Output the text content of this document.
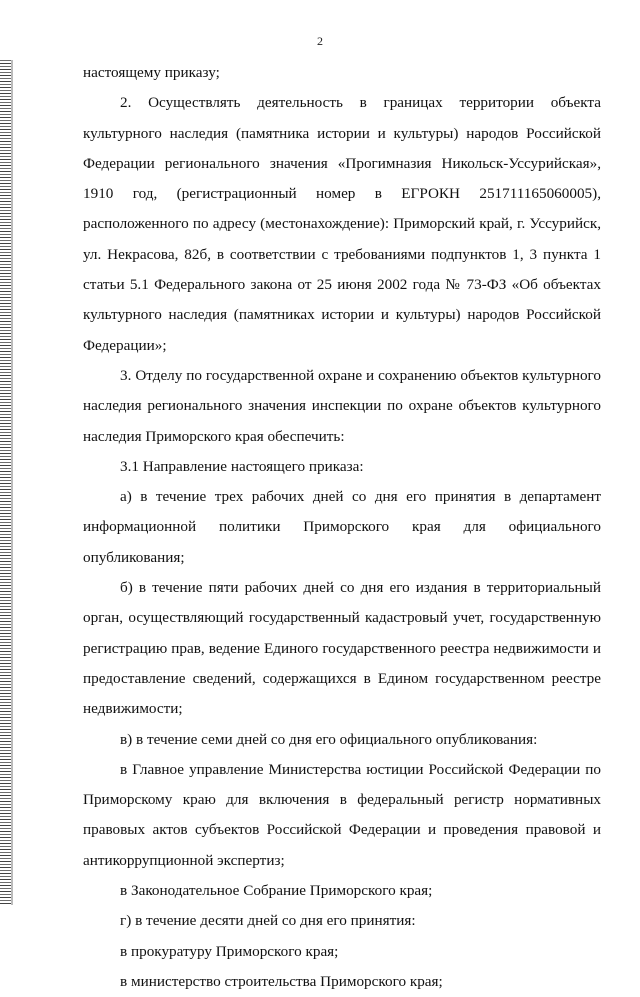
2

настоящему приказу;

2. Осуществлять деятельность в границах территории объекта культурного наследия (памятника истории и культуры) народов Российской Федерации регионального значения «Прогимназия Никольск-Уссурийская», 1910 год, (регистрационный номер в ЕГРОКН 251711165060005), расположенного по адресу (местонахождение): Приморский край, г. Уссурийск, ул. Некрасова, 82б, в соответствии с требованиями подпунктов 1, 3 пункта 1 статьи 5.1 Федерального закона от 25 июня 2002 года № 73-ФЗ «Об объектах культурного наследия (памятниках истории и культуры) народов Российской Федерации»;

3. Отделу по государственной охране и сохранению объектов культурного наследия регионального значения инспекции по охране объектов культурного наследия Приморского края обеспечить:

3.1 Направление настоящего приказа:

а) в течение трех рабочих дней со дня его принятия в департамент информационной политики Приморского края для официального опубликования;

б) в течение пяти рабочих дней со дня его издания в территориальный орган, осуществляющий государственный кадастровый учет, государственную регистрацию прав, ведение Единого государственного реестра недвижимости и предоставление сведений, содержащихся в Едином государственном реестре недвижимости;

в) в течение семи дней со дня его официального опубликования:

в Главное управление Министерства юстиции Российской Федерации по Приморскому краю для включения в федеральный регистр нормативных правовых актов субъектов Российской Федерации и проведения правовой и антикоррупционной экспертиз;

в Законодательное Собрание Приморского края;

г) в течение десяти дней со дня его принятия:

в прокуратуру Приморского края;

в министерство строительства Приморского края;
